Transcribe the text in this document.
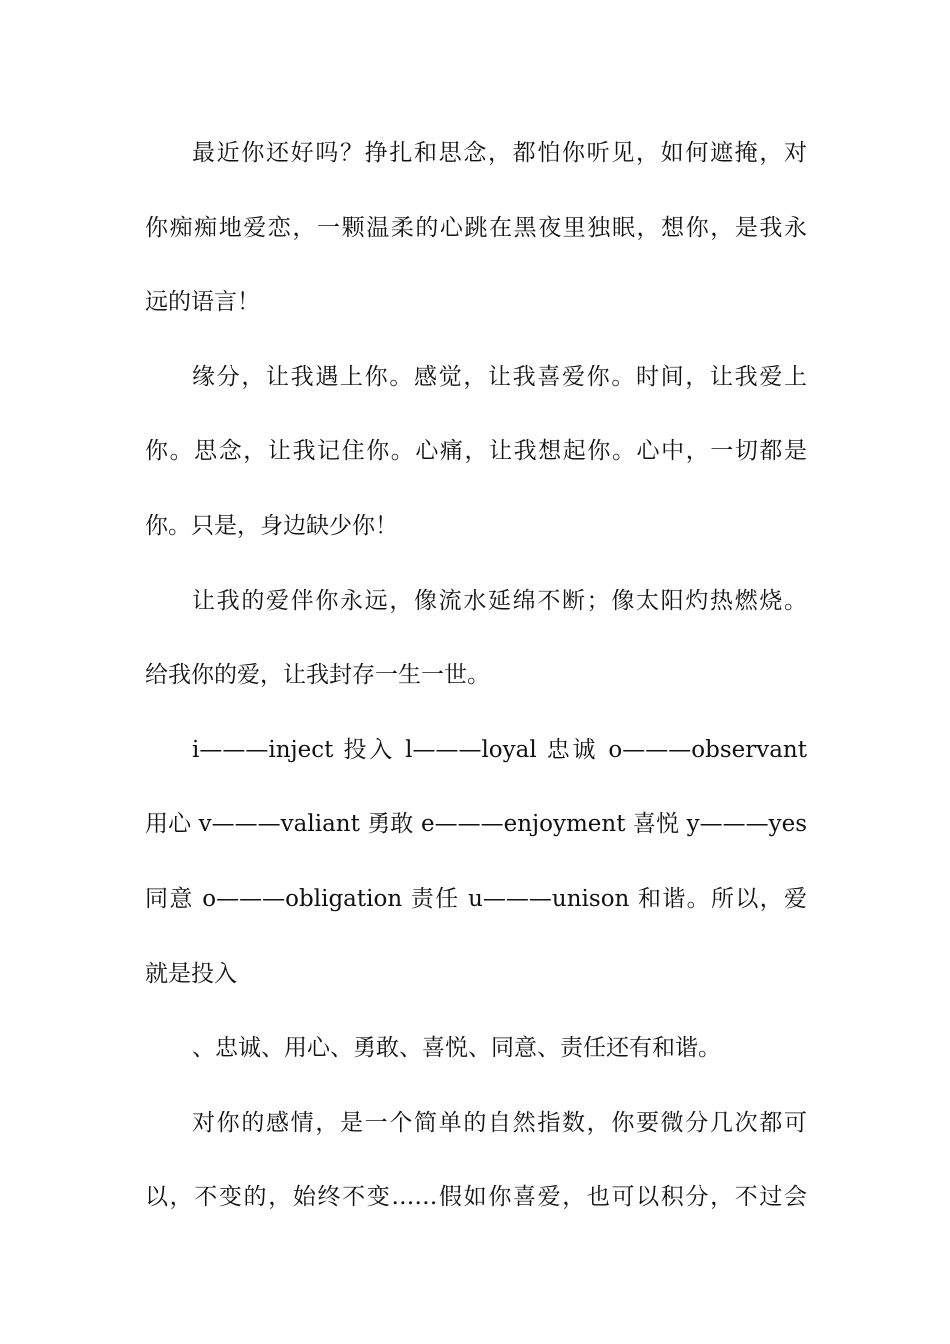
最近你还好吗？挣扎和思念，都怕你听见，如何遮掩，对
你痴痴地爱恋，一颗温柔的心跳在黑夜里独眠，想你，是我永
远的语言！
缘分，让我遇上你。感觉，让我喜爱你。时间，让我爱上
你。思念，让我记住你。心痛，让我想起你。心中，一切都是
你。只是，身边缺少你！
让我的爱伴你永远，像流水延绵不断；像太阳灼热燃烧。
给我你的爱，让我封存一生一世。
i———inject 投入 l———loyal 忠诚 o———observant
用心 v———valiant 勇敢 e———enjoyment 喜悦 y———yes
同意 o———obligation 责任 u———unison 和谐。所以，爱
就是投入
、忠诚、用心、勇敢、喜悦、同意、责任还有和谐。
对你的感情，是一个简单的自然指数，你要微分几次都可
以，不变的，始终不变……假如你喜爱，也可以积分，不过会
